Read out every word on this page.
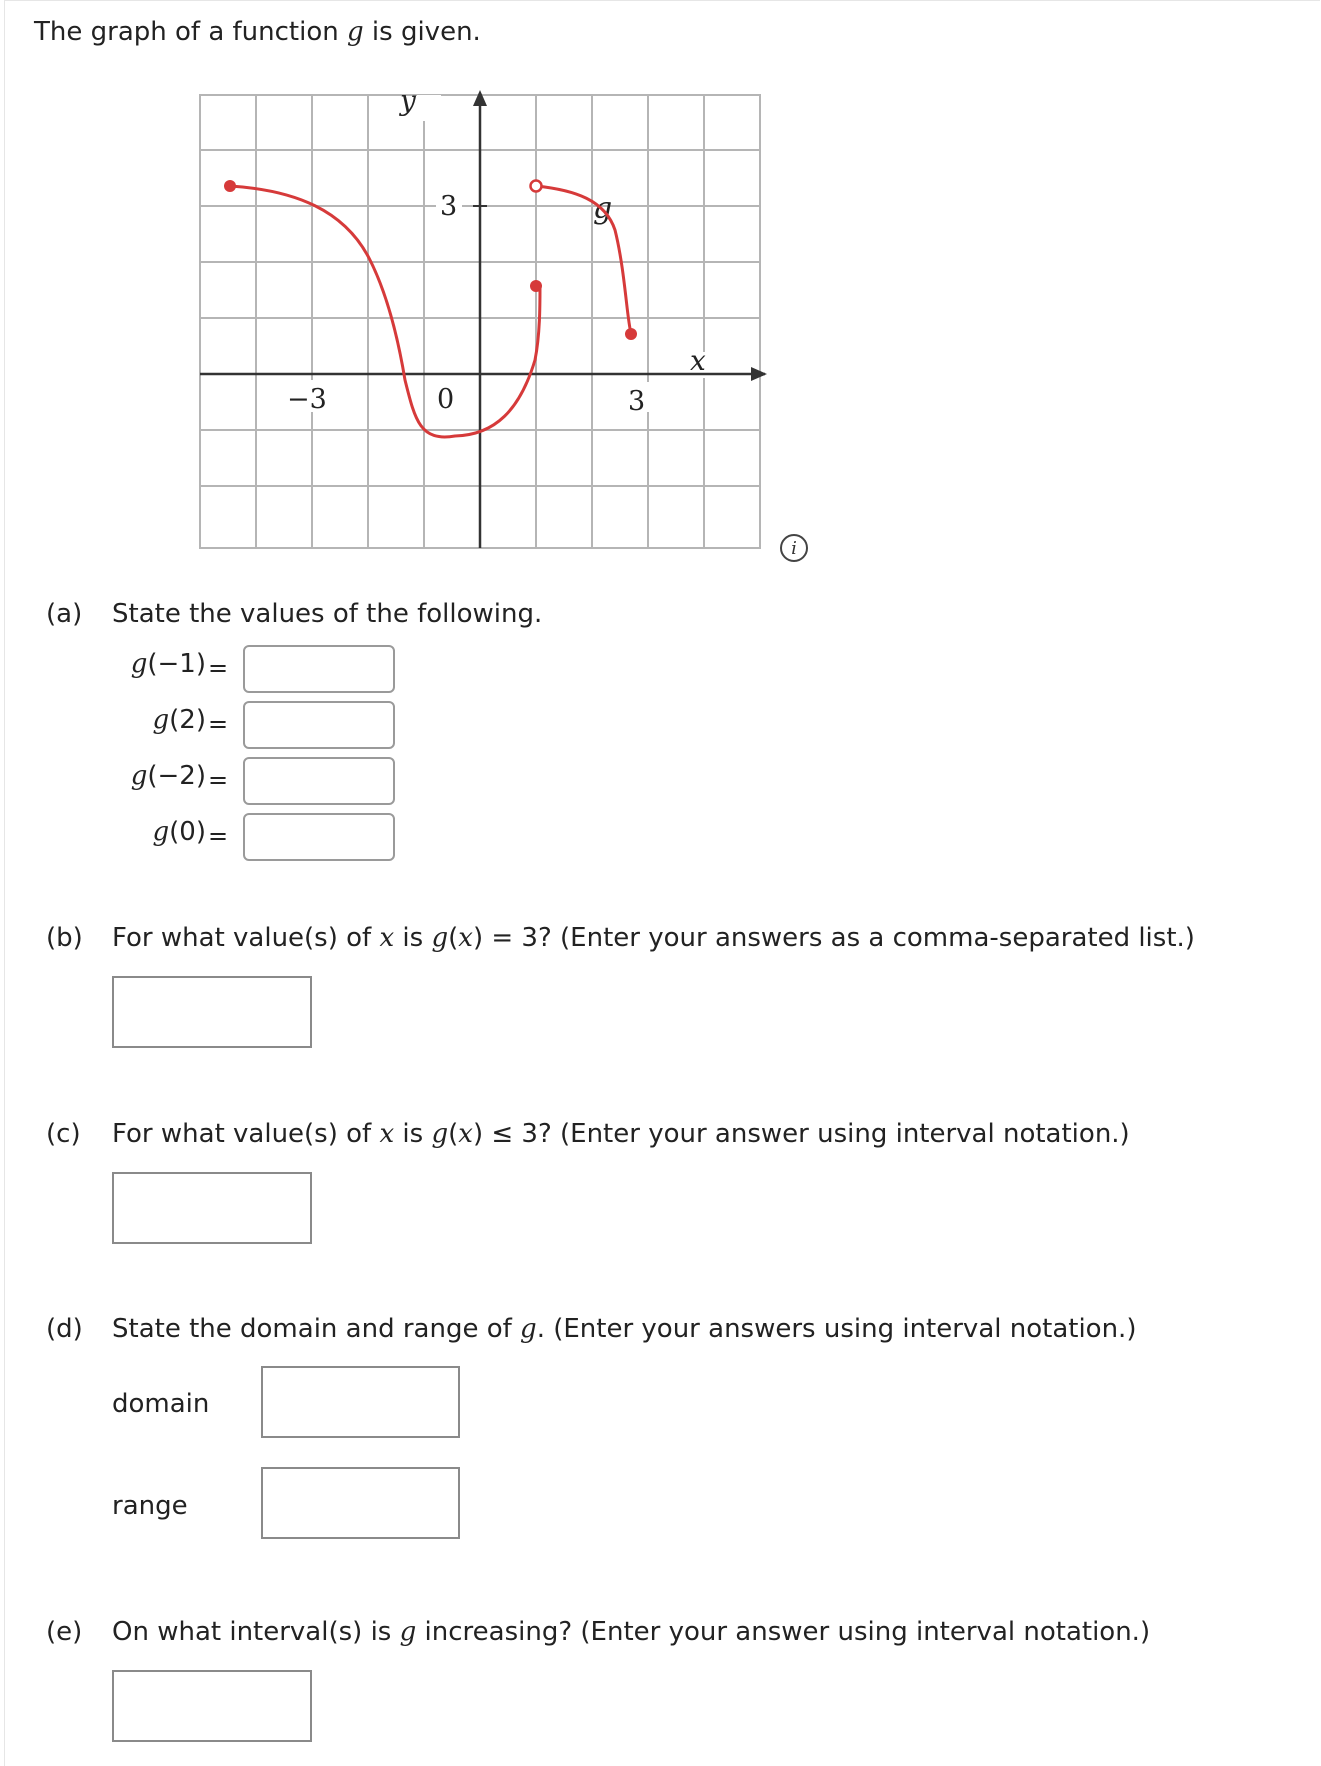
The graph of a function g is given.
y
x
g
3
−3	0	3
i
(a) State the values of the following.
g(−1) =
g(2) =
g(−2) =
g(0) =
(b) For what value(s) of x is g(x) = 3? (Enter your answers as a comma-separated list.)
(c) For what value(s) of x is g(x) ≤ 3? (Enter your answer using interval notation.)
(d) State the domain and range of g. (Enter your answers using interval notation.)
domain
range
(e) On what interval(s) is g increasing? (Enter your answer using interval notation.)
